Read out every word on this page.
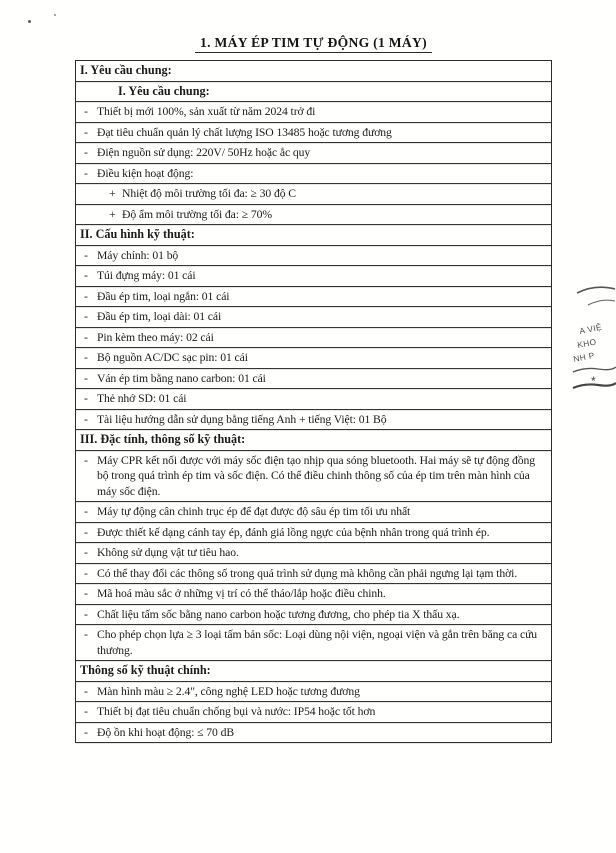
1. MÁY ÉP TIM TỰ ĐỘNG (1 MÁY)
I. Yêu cầu chung:
I. Yêu cầu chung:
- Thiết bị mới 100%, sản xuất từ năm 2024 trở đi
- Đạt tiêu chuẩn quản lý chất lượng ISO 13485 hoặc tương đương
- Điện nguồn sử dụng: 220V/ 50Hz hoặc ắc quy
- Điều kiện hoạt động:
+ Nhiệt độ môi trường tối đa: ≥ 30 độ C
+ Độ ẩm môi trường tối đa: ≥ 70%
II. Cấu hình kỹ thuật:
- Máy chính: 01 bộ
- Túi đựng máy: 01 cái
- Đầu ép tim, loại ngắn: 01 cái
- Đầu ép tim, loại dài: 01 cái
- Pin kèm theo máy: 02 cái
- Bộ nguồn AC/DC sạc pin: 01 cái
- Ván ép tim bằng nano carbon: 01 cái
- Thẻ nhớ SD: 01 cái
- Tài liệu hướng dẫn sử dụng bằng tiếng Anh + tiếng Việt: 01 Bộ
III. Đặc tính, thông số kỹ thuật:
- Máy CPR kết nối được với máy sốc điện tạo nhịp qua sóng bluetooth. Hai máy sẽ tự động đồng bộ trong quá trình ép tim và sốc điện. Có thể điều chinh thông số của ép tim trên màn hình của máy sốc điện.
- Máy tự động cân chinh trục ép để đạt được độ sâu ép tim tối ưu nhất
- Được thiết kế dạng cánh tay ép, đánh giá lồng ngực của bệnh nhân trong quá trình ép.
- Không sử dụng vật tư tiêu hao.
- Có thể thay đổi các thông số trong quá trình sử dụng mà không cần phải ngưng lại tạm thời.
- Mã hoá màu sắc ở những vị trí có thể tháo/lắp hoặc điều chinh.
- Chất liệu tấm sốc bằng nano carbon hoặc tương đương, cho phép tia X thấu xạ.
- Cho phép chọn lựa ≥ 3 loại tấm bản sốc: Loại dùng nội viện, ngoại viện và gắn trên băng ca cứu thương.
Thông số kỹ thuật chính:
- Màn hình màu ≥ 2.4", công nghệ LED hoặc tương đương
- Thiết bị đạt tiêu chuẩn chống bụi và nước: IP54 hoặc tốt hơn
- Độ ồn khi hoạt động: ≤ 70 dB
A VIỆ
KHO
NH P
*
